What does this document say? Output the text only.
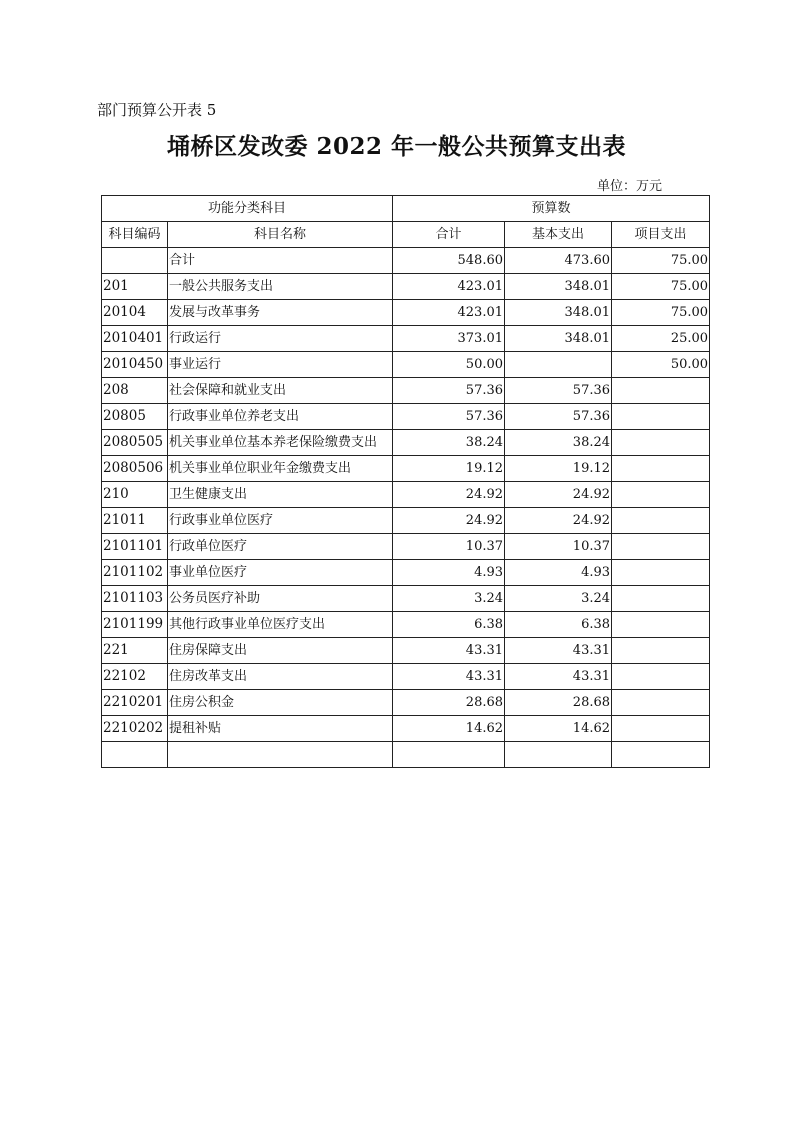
部门预算公开表 5
埇桥区发改委 2022 年一般公共预算支出表
单位：万元
功能分类科目		预算数		
科目编码	科目名称	合计	基本支出	项目支出
	合计	548.60	473.60	75.00
201	一般公共服务支出	423.01	348.01	75.00
20104	发展与改革事务	423.01	348.01	75.00
2010401	行政运行	373.01	348.01	25.00
2010450	事业运行	50.00		50.00
208	社会保障和就业支出	57.36	57.36	
20805	行政事业单位养老支出	57.36	57.36	
2080505	机关事业单位基本养老保险缴费支出	38.24	38.24	
2080506	机关事业单位职业年金缴费支出	19.12	19.12	
210	卫生健康支出	24.92	24.92	
21011	行政事业单位医疗	24.92	24.92	
2101101	行政单位医疗	10.37	10.37	
2101102	事业单位医疗	4.93	4.93	
2101103	公务员医疗补助	3.24	3.24	
2101199	其他行政事业单位医疗支出	6.38	6.38	
221	住房保障支出	43.31	43.31	
22102	住房改革支出	43.31	43.31	
2210201	住房公积金	28.68	28.68	
2210202	提租补贴	14.62	14.62	
